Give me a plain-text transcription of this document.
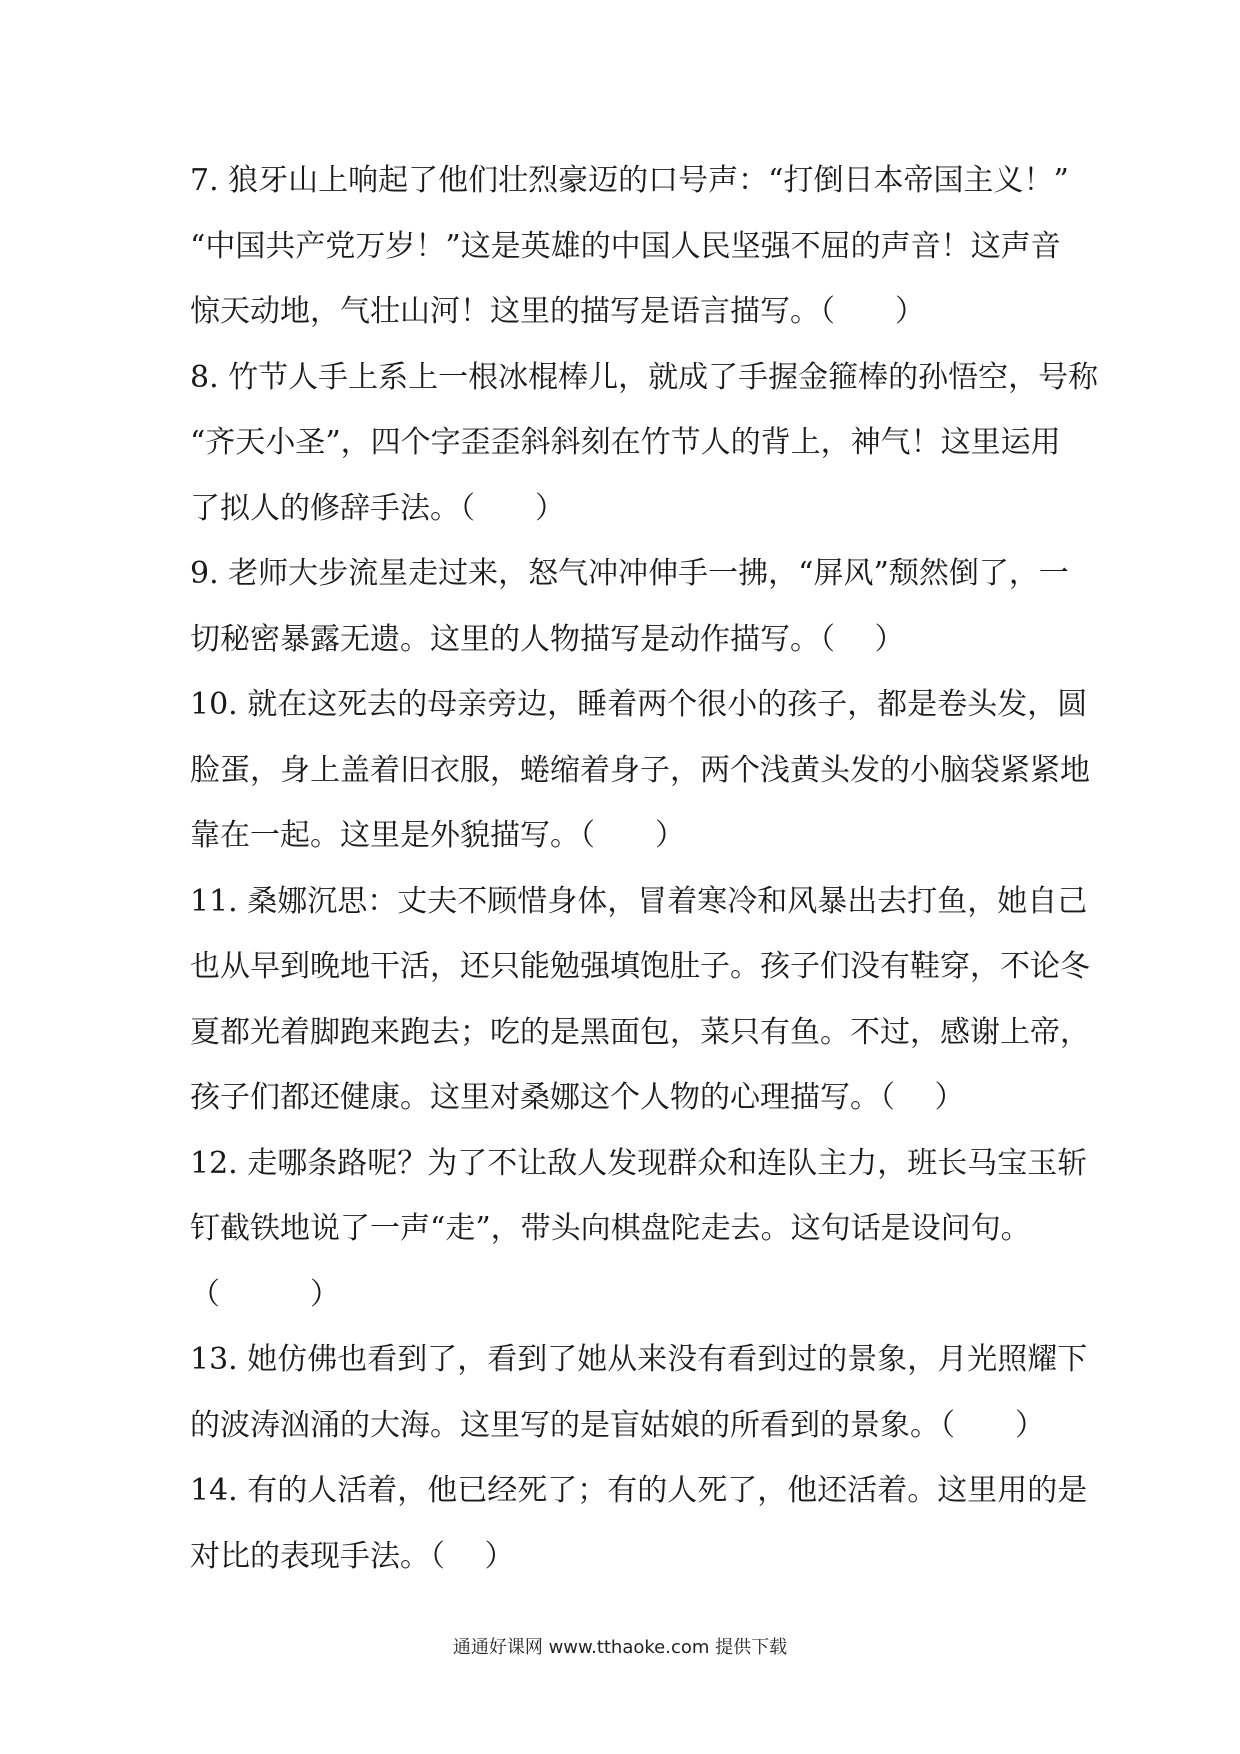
7. 狼牙山上响起了他们壮烈豪迈的口号声：“打倒日本帝国主义！”
“中国共产党万岁！”这是英雄的中国人民坚强不屈的声音！这声音
惊天动地，气壮山河！这里的描写是语言描写。（　　）
8. 竹节人手上系上一根冰棍棒儿，就成了手握金箍棒的孙悟空，号称
“齐天小圣”，四个字歪歪斜斜刻在竹节人的背上，神气！这里运用
了拟人的修辞手法。（　　）
9. 老师大步流星走过来，怒气冲冲伸手一拂，“屏风”颓然倒了，一
切秘密暴露无遗。这里的人物描写是动作描写。（　 ）
10. 就在这死去的母亲旁边，睡着两个很小的孩子，都是卷头发，圆
脸蛋，身上盖着旧衣服，蜷缩着身子，两个浅黄头发的小脑袋紧紧地
靠在一起。这里是外貌描写。（　　）
11. 桑娜沉思：丈夫不顾惜身体，冒着寒冷和风暴出去打鱼，她自己
也从早到晚地干活，还只能勉强填饱肚子。孩子们没有鞋穿，不论冬
夏都光着脚跑来跑去；吃的是黑面包，菜只有鱼。不过，感谢上帝，
孩子们都还健康。这里对桑娜这个人物的心理描写。（　 ）
12. 走哪条路呢？为了不让敌人发现群众和连队主力，班长马宝玉斩
钉截铁地说了一声“走”，带头向棋盘陀走去。这句话是设问句。
（　　　）
13. 她仿佛也看到了，看到了她从来没有看到过的景象，月光照耀下
的波涛汹涌的大海。这里写的是盲姑娘的所看到的景象。（　　）
14. 有的人活着，他已经死了；有的人死了，他还活着。这里用的是
对比的表现手法。（　 ）
通通好课网 www.tthaoke.com 提供下载
